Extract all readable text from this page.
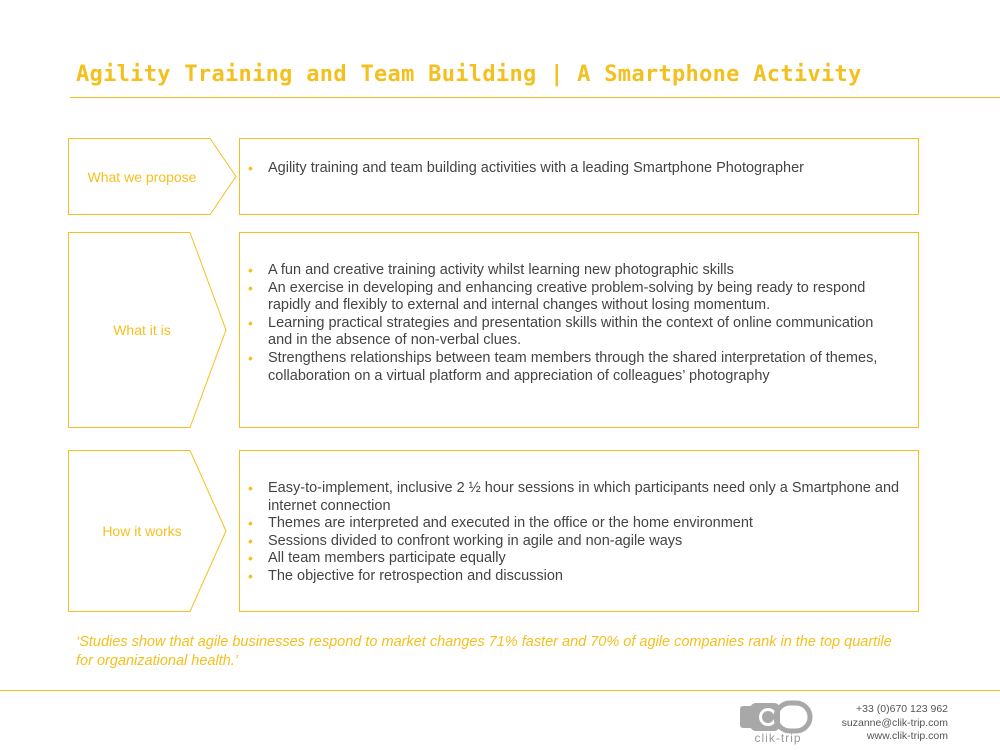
Agility Training and Team Building | A Smartphone Activity
What we propose
• Agility training and team building activities with a leading Smartphone Photographer
What it is
• A fun and creative training activity whilst learning new photographic skills
• An exercise in developing and enhancing creative problem-solving by being ready to respond rapidly and flexibly to external and internal changes without losing momentum.
• Learning practical strategies and presentation skills within the context of online communication and in the absence of non-verbal clues.
• Strengthens relationships between team members through the shared interpretation of themes, collaboration on a virtual platform and appreciation of colleagues’ photography
How it works
• Easy-to-implement, inclusive 2 ½ hour sessions in which participants need only a Smartphone and internet connection
• Themes are interpreted and executed in the office or the home environment
• Sessions divided to confront working in agile and non-agile ways
• All team members participate equally
• The objective for retrospection and discussion
‘Studies show that agile businesses respond to market changes 71% faster and 70% of agile companies rank in the top quartile for organizational health.’
clik-trip
+33 (0)670 123 962
suzanne@clik-trip.com
www.clik-trip.com
